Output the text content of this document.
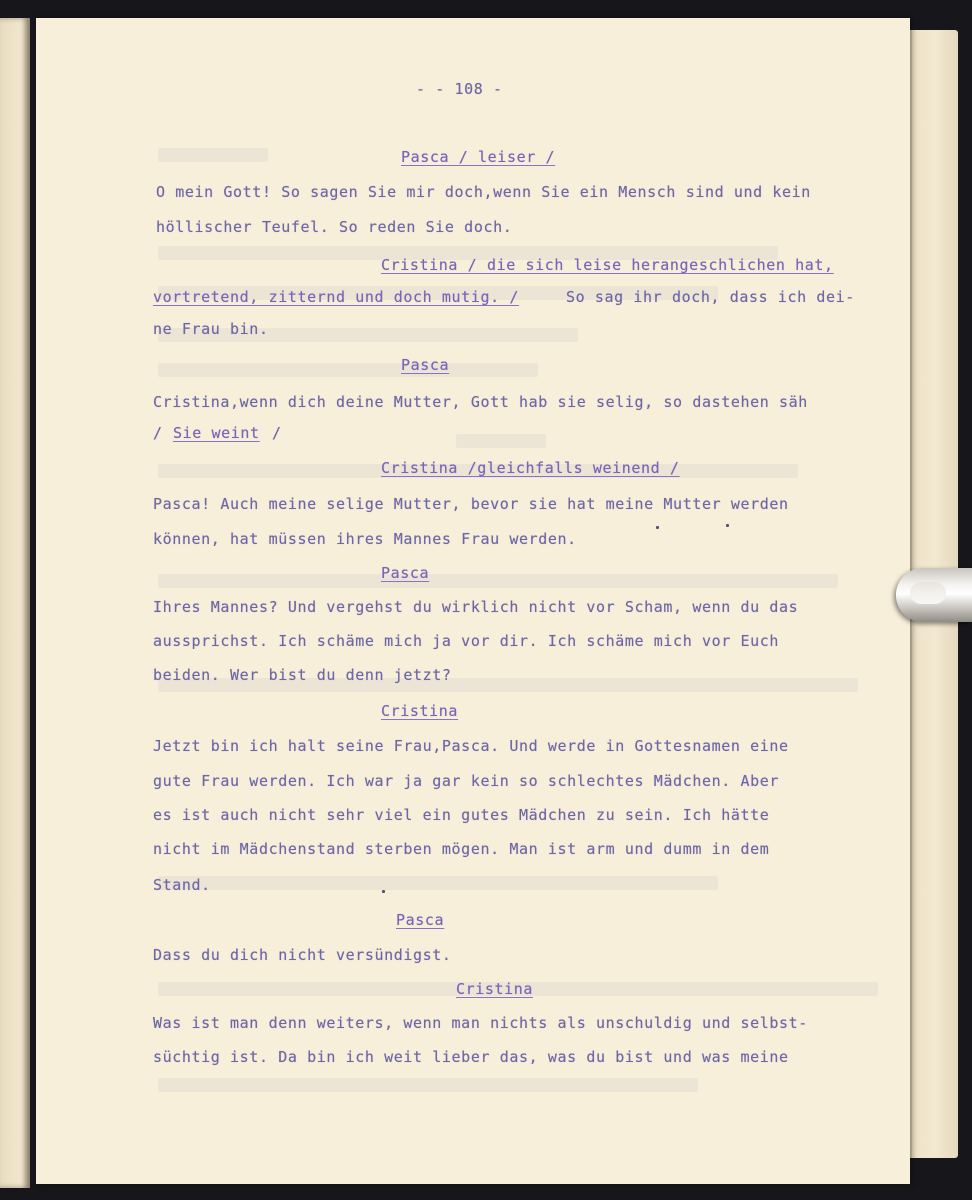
- - 108 -
Pasca / leiser /
O mein Gott! So sagen Sie mir doch,wenn Sie ein Mensch sind und kein
höllischer Teufel. So reden Sie doch.
Cristina / die sich leise herangeschlichen hat,
vortretend, zitternd und doch mutig. /	So sag ihr doch, dass ich dei-
ne Frau bin.
Pasca
Cristina,wenn dich deine Mutter, Gott hab sie selig, so dastehen säh
/ Sie weint /
Cristina /gleichfalls weinend /
Pasca! Auch meine selige Mutter, bevor sie hat meine Mutter werden
können, hat müssen ihres Mannes Frau werden.
Pasca
Ihres Mannes? Und vergehst du wirklich nicht vor Scham, wenn du das
aussprichst. Ich schäme mich ja vor dir. Ich schäme mich vor Euch
beiden. Wer bist du denn jetzt?
Cristina
Jetzt bin ich halt seine Frau,Pasca. Und werde in Gottesnamen eine
gute Frau werden. Ich war ja gar kein so schlechtes Mädchen. Aber
es ist auch nicht sehr viel ein gutes Mädchen zu sein. Ich hätte
nicht im Mädchenstand sterben mögen. Man ist arm und dumm in dem
Stand.
Pasca
Dass du dich nicht versündigst.
Cristina
Was ist man denn weiters, wenn man nichts als unschuldig und selbst-
süchtig ist. Da bin ich weit lieber das, was du bist und was meine
